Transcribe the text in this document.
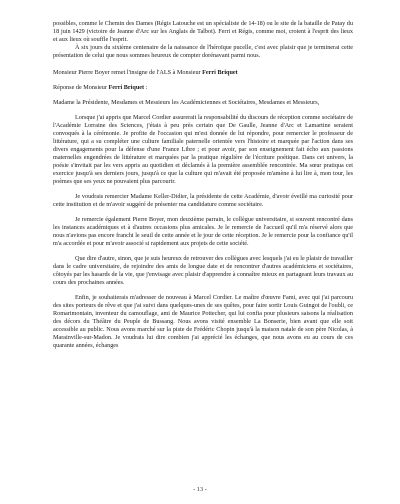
possibles, comme le Chemin des Dames (Régis Latouche est un spécialiste de 14-18) ou le site de la bataille de Patay du 18 juin 1429 (victoire de Jeanne d'Arc sur les Anglais de Talbot). Ferri et Régis, comme moi, croient à l'esprit des lieux et aux lieux où souffle l'esprit.

À six jours du sixième centenaire de la naissance de l'héroïque pucelle, c'est avec plaisir que je terminerai cette présentation de celui que nous sommes heureux de compter dorénavant parmi nous.

Monsieur Pierre Boyer remet l'insigne de l'ALS à Monsieur Ferri Briquet

Réponse de Monsieur Ferri Briquet :

Madame la Présidente, Mesdames et Messieurs les Académiciennes et Sociétaires, Mesdames et Messieurs,

Lorsque j'ai appris que Marcel Cordier assurerait la responsabilité du discours de réception comme sociétaire de l'Académie Lorraine des Sciences, j'étais à peu près certain que De Gaulle, Jeanne d'Arc et Lamartine seraient convoqués à la cérémonie. Je profite de l'occasion qui m'est donnée de lui répondre, pour remercier le professeur de littérature, qui a su compléter une culture familiale paternelle orientée vers l'histoire et marquée par l'action dans ses divers engagements pour la défense d'une France Libre ; et pour avoir, par son enseignement fait écho aux passions maternelles engendrées de littérature et marquées par la pratique régulière de l'écriture poétique. Dans cet univers, la poésie s'invitait par les vers appris au quotidien et déclamés à la première assemblée rencontrée. Ma sœur pratiqua cet exercice jusqu'à ses derniers jours, jusqu'à ce que la culture qui m'avait été proposée m'amène à lui lire à, mon tour, les poèmes que ses yeux ne pouvaient plus parcourir.

Je voudrais remercier Madame Keller-Didier, la présidente de cette Académie, d'avoir éveillé ma curiosité pour cette institution et de m'avoir suggéré de présenter ma candidature comme sociétaire.

Je remercie également Pierre Boyer, mon deuxième parrain, le collègue universitaire, si souvent rencontré dans les instances académiques et à d'autres occasions plus amicales. Je le remercie de l'accueil qu'il m'a réservé alors que nous n'avions pas encore franchi le seuil de cette année et le jour de cette réception. Je le remercie pour la confiance qu'il m'a accordée et pour m'avoir associé si rapidement aux projets de cette société.

Que dire d'autre, sinon, que je suis heureux de retrouver des collègues avec lesquels j'ai eu le plaisir de travailler dans le cadre universitaire, de rejoindre des amis de longue date et de rencontrer d'autres académiciens et sociétaires, côtoyés par les hasards de la vie, que j'envisage avec plaisir d'apprendre à connaître mieux en partageant leurs travaux au cours des prochaines années.

Enfin, je souhaiterais m'adresser de nouveau à Marcel Cordier. Le maître d'œuvre Fami, avec qui j'ai parcouru des sites porteurs de rêve et que j'ai suivi dans quelques-unes de ses quêtes, pour faire sortir Louis Guingot de l'oubli, ce Romarimontain, inventeur du camouflage, ami de Maurice Pottecher, qui lui confia pour plusieurs saisons la réalisation des décors du Théâtre du Peuple de Bussang. Nous avons visité ensemble La Bonserie, bien avant que elle soit accessible au public. Nous avons marché sur la piste de Frédéric Chopin jusqu'à la maison natale de son père Nicolas, à Marainville-sur-Madon. Je voudrais lui dire combien j'ai apprécié les échanges, que nous avons eu au cours de ces quarante années, échanges

- 13 -
